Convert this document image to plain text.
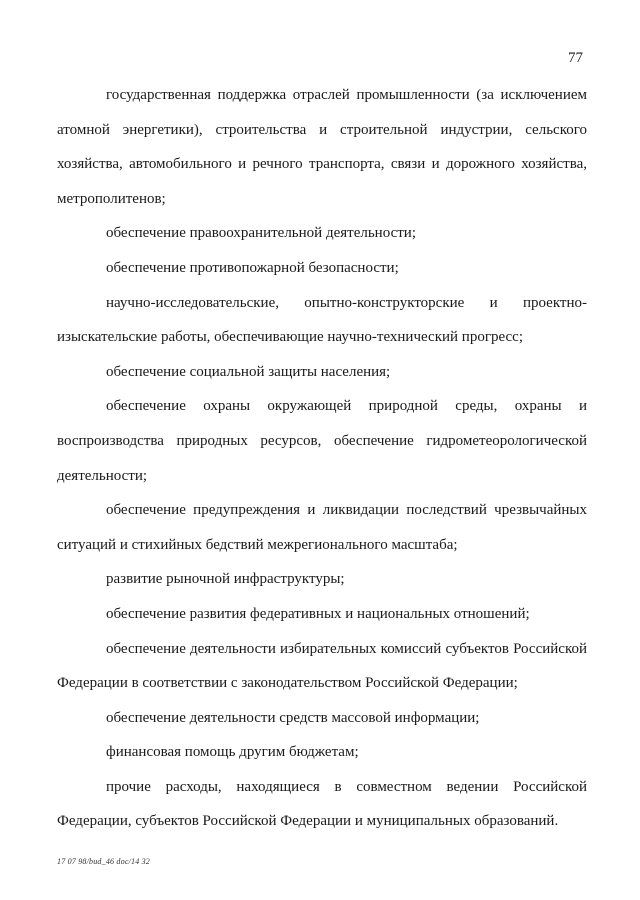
77

государственная поддержка отраслей промышленности (за исключением атомной энергетики), строительства и строительной индустрии, сельского хозяйства, автомобильного и речного транспорта, связи и дорожного хозяйства, метрополитенов;

обеспечение правоохранительной деятельности;

обеспечение противопожарной безопасности;

научно-исследовательские, опытно-конструкторские и проектно-изыскательские работы, обеспечивающие научно-технический прогресс;

обеспечение социальной защиты населения;

обеспечение охраны окружающей природной среды, охраны и воспроизводства природных ресурсов, обеспечение гидрометеорологической деятельности;

обеспечение предупреждения и ликвидации последствий чрезвычайных ситуаций и стихийных бедствий межрегионального масштаба;

развитие рыночной инфраструктуры;

обеспечение развития федеративных и национальных отношений;

обеспечение деятельности избирательных комиссий субъектов Российской Федерации в соответствии с законодательством Российской Федерации;

обеспечение деятельности средств массовой информации;

финансовая помощь другим бюджетам;

прочие расходы, находящиеся в совместном ведении Российской Федерации, субъектов Российской Федерации и муниципальных образований.

17 07 98/bud_46 doc/14 32
